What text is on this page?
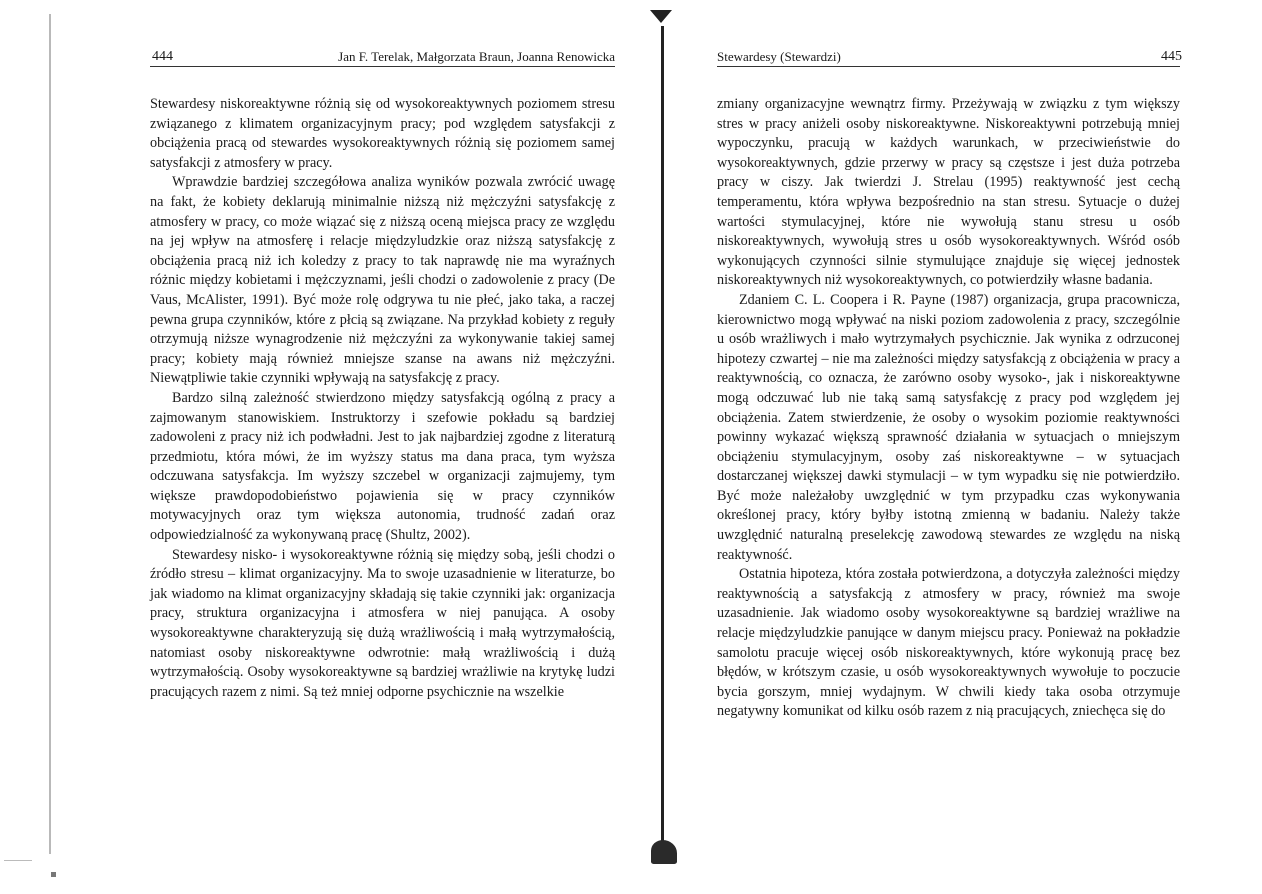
444	Jan F. Terelak, Małgorzata Braun, Joanna Renowicka

Stewardesy niskoreaktywne różnią się od wysokoreaktywnych poziomem stresu związanego z klimatem organizacyjnym pracy; pod względem satysfakcji z obciążenia pracą od stewardes wysokoreaktywnych różnią się poziomem samej satysfakcji z atmosfery w pracy.

Wprawdzie bardziej szczegółowa analiza wyników pozwala zwrócić uwagę na fakt, że kobiety deklarują minimalnie niższą niż mężczyźni satysfakcję z atmosfery w pracy, co może wiązać się z niższą oceną miejsca pracy ze względu na jej wpływ na atmosferę i relacje międzyludzkie oraz niższą satysfakcję z obciążenia pracą niż ich koledzy z pracy to tak naprawdę nie ma wyraźnych różnic między kobietami i mężczyznami, jeśli chodzi o zadowolenie z pracy (De Vaus, McAlister, 1991). Być może rolę odgrywa tu nie płeć, jako taka, a raczej pewna grupa czynników, które z płcią są związane. Na przykład kobiety z reguły otrzymują niższe wynagrodzenie niż mężczyźni za wykonywanie takiej samej pracy; kobiety mają również mniejsze szanse na awans niż mężczyźni. Niewątpliwie takie czynniki wpływają na satysfakcję z pracy.

Bardzo silną zależność stwierdzono między satysfakcją ogólną z pracy a zajmowanym stanowiskiem. Instruktorzy i szefowie pokładu są bardziej zadowoleni z pracy niż ich podwładni. Jest to jak najbardziej zgodne z literaturą przedmiotu, która mówi, że im wyższy status ma dana praca, tym wyższa odczuwana satysfakcja. Im wyższy szczebel w organizacji zajmujemy, tym większe prawdopodobieństwo pojawienia się w pracy czynników motywacyjnych oraz tym większa autonomia, trudność zadań oraz odpowiedzialność za wykonywaną pracę (Shultz, 2002).

Stewardesy nisko- i wysokoreaktywne różnią się między sobą, jeśli chodzi o źródło stresu – klimat organizacyjny. Ma to swoje uzasadnienie w literaturze, bo jak wiadomo na klimat organizacyjny składają się takie czynniki jak: organizacja pracy, struktura organizacyjna i atmosfera w niej panująca. A osoby wysokoreaktywne charakteryzują się dużą wrażliwością i małą wytrzymałością, natomiast osoby niskoreaktywne odwrotnie: małą wrażliwością i dużą wytrzymałością. Osoby wysokoreaktywne są bardziej wrażliwie na krytykę ludzi pracujących razem z nimi. Są też mniej odporne psychicznie na wszelkie

Stewardesy (Stewardzi)	445

zmiany organizacyjne wewnątrz firmy. Przeżywają w związku z tym większy stres w pracy aniżeli osoby niskoreaktywne. Niskoreaktywni potrzebują mniej wypoczynku, pracują w każdych warunkach, w przeciwieństwie do wysokoreaktywnych, gdzie przerwy w pracy są częstsze i jest duża potrzeba pracy w ciszy. Jak twierdzi J. Strelau (1995) reaktywność jest cechą temperamentu, która wpływa bezpośrednio na stan stresu. Sytuacje o dużej wartości stymulacyjnej, które nie wywołują stanu stresu u osób niskoreaktywnych, wywołują stres u osób wysokoreaktywnych. Wśród osób wykonujących czynności silnie stymulujące znajduje się więcej jednostek niskoreaktywnych niż wysokoreaktywnych, co potwierdziły własne badania.

Zdaniem C. L. Coopera i R. Payne (1987) organizacja, grupa pracownicza, kierownictwo mogą wpływać na niski poziom zadowolenia z pracy, szczególnie u osób wrażliwych i mało wytrzymałych psychicznie. Jak wynika z odrzuconej hipotezy czwartej – nie ma zależności między satysfakcją z obciążenia w pracy a reaktywnością, co oznacza, że zarówno osoby wysoko-, jak i niskoreaktywne mogą odczuwać lub nie taką samą satysfakcję z pracy pod względem jej obciążenia. Zatem stwierdzenie, że osoby o wysokim poziomie reaktywności powinny wykazać większą sprawność działania w sytuacjach o mniejszym obciążeniu stymulacyjnym, osoby zaś niskoreaktywne – w sytuacjach dostarczanej większej dawki stymulacji – w tym wypadku się nie potwierdziło. Być może należałoby uwzględnić w tym przypadku czas wykonywania określonej pracy, który byłby istotną zmienną w badaniu. Należy także uwzględnić naturalną preselekcję zawodową stewardes ze względu na niską reaktywność.

Ostatnia hipoteza, która została potwierdzona, a dotyczyła zależności między reaktywnością a satysfakcją z atmosfery w pracy, również ma swoje uzasadnienie. Jak wiadomo osoby wysokoreaktywne są bardziej wrażliwe na relacje międzyludzkie panujące w danym miejscu pracy. Ponieważ na pokładzie samolotu pracuje więcej osób niskoreaktywnych, które wykonują pracę bez błędów, w krótszym czasie, u osób wysokoreaktywnych wywołuje to poczucie bycia gorszym, mniej wydajnym. W chwili kiedy taka osoba otrzymuje negatywny komunikat od kilku osób razem z nią pracujących, zniechęca się do
